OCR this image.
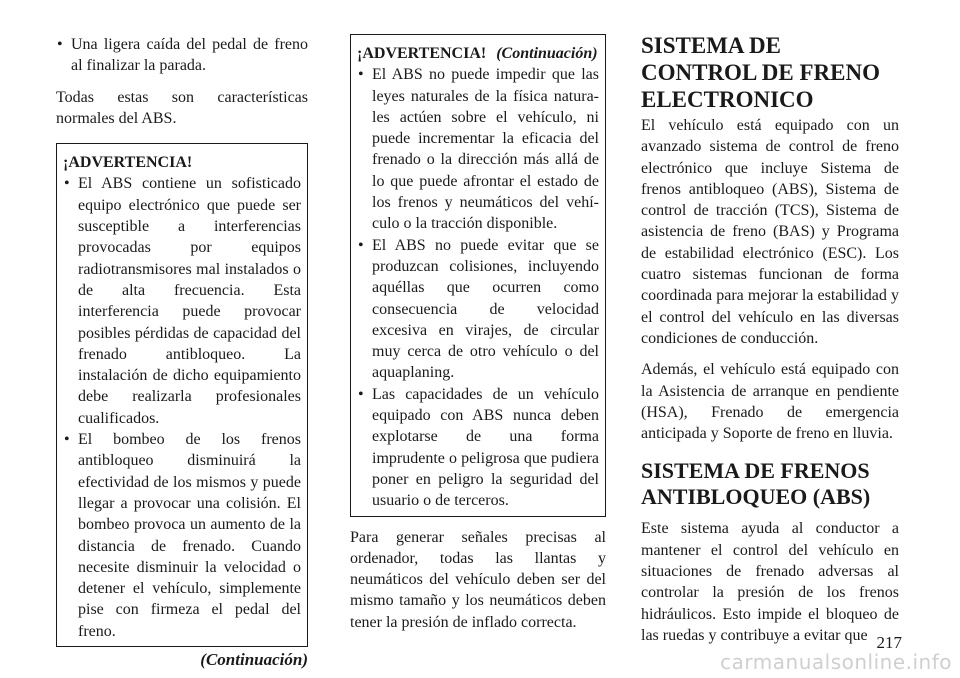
• Una ligera caída del pedal de freno al finalizar la parada.

Todas estas son características normales del ABS.

¡ADVERTENCIA!
• El ABS contiene un sofisticado equipo electrónico que puede ser susceptible a interferencias provocadas por equipos radiotransmisores mal instalados o de alta frecuencia. Esta interferencia puede provocar posibles pérdidas de capacidad del frenado antibloqueo. La instalación de dicho equipamiento debe realizarla profesionales cualificados.
• El bombeo de los frenos antibloqueo disminuirá la efectividad de los mismos y puede llegar a provocar una colisión. El bombeo provoca un aumento de la distancia de frenado. Cuando necesite disminuir la velocidad o detener el vehículo, simplemente pise con firmeza el pedal del freno.
(Continuación)
¡ADVERTENCIA! (Continuación)
• El ABS no puede impedir que las leyes naturales de la física natura-les actúen sobre el vehículo, ni puede incrementar la eficacia del frenado o la dirección más allá de lo que puede afrontar el estado de los frenos y neumáticos del vehí-culo o la tracción disponible.
• El ABS no puede evitar que se produzcan colisiones, incluyendo aquéllas que ocurren como consecuencia de velocidad excesiva en virajes, de circular muy cerca de otro vehículo o del aquaplaning.
• Las capacidades de un vehículo equipado con ABS nunca deben explotarse de una forma imprudente o peligrosa que pudiera poner en peligro la seguridad del usuario o de terceros.

Para generar señales precisas al ordenador, todas las llantas y neumáticos del vehículo deben ser del mismo tamaño y los neumáticos deben tener la presión de inflado correcta.

SISTEMA DE CONTROL DE FRENO ELECTRONICO

El vehículo está equipado con un avanzado sistema de control de freno electrónico que incluye Sistema de frenos antibloqueo (ABS), Sistema de control de tracción (TCS), Sistema de asistencia de freno (BAS) y Programa de estabilidad electrónico (ESC). Los cuatro sistemas funcionan de forma coordinada para mejorar la estabilidad y el control del vehículo en las diversas condiciones de conducción.

Además, el vehículo está equipado con la Asistencia de arranque en pendiente (HSA), Frenado de emergencia anticipada y Soporte de freno en lluvia.

SISTEMA DE FRENOS ANTIBLOQUEO (ABS)

Este sistema ayuda al conductor a mantener el control del vehículo en situaciones de frenado adversas al controlar la presión de los frenos hidráulicos. Esto impide el bloqueo de las ruedas y contribuye a evitar que 217
carmanualsonline.info
